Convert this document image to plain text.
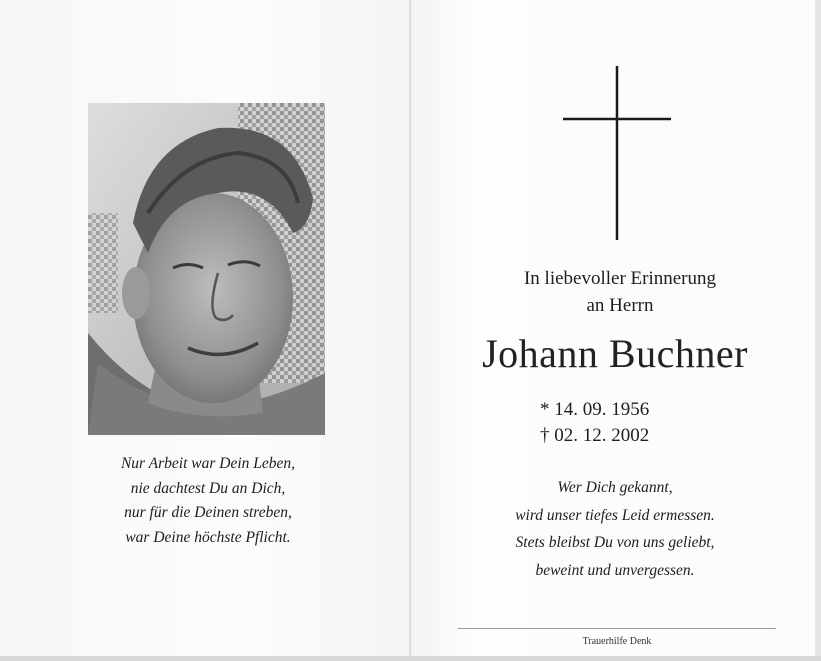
Nur Arbeit war Dein Leben,
nie dachtest Du an Dich,
nur für die Deinen streben,
war Deine höchste Pflicht.
In liebevoller Erinnerung
an Herrn
Johann Buchner
* 14. 09. 1956
† 02. 12. 2002
Wer Dich gekannt,
wird unser tiefes Leid ermessen.
Stets bleibst Du von uns geliebt,
beweint und unvergessen.
Trauerhilfe Denk
